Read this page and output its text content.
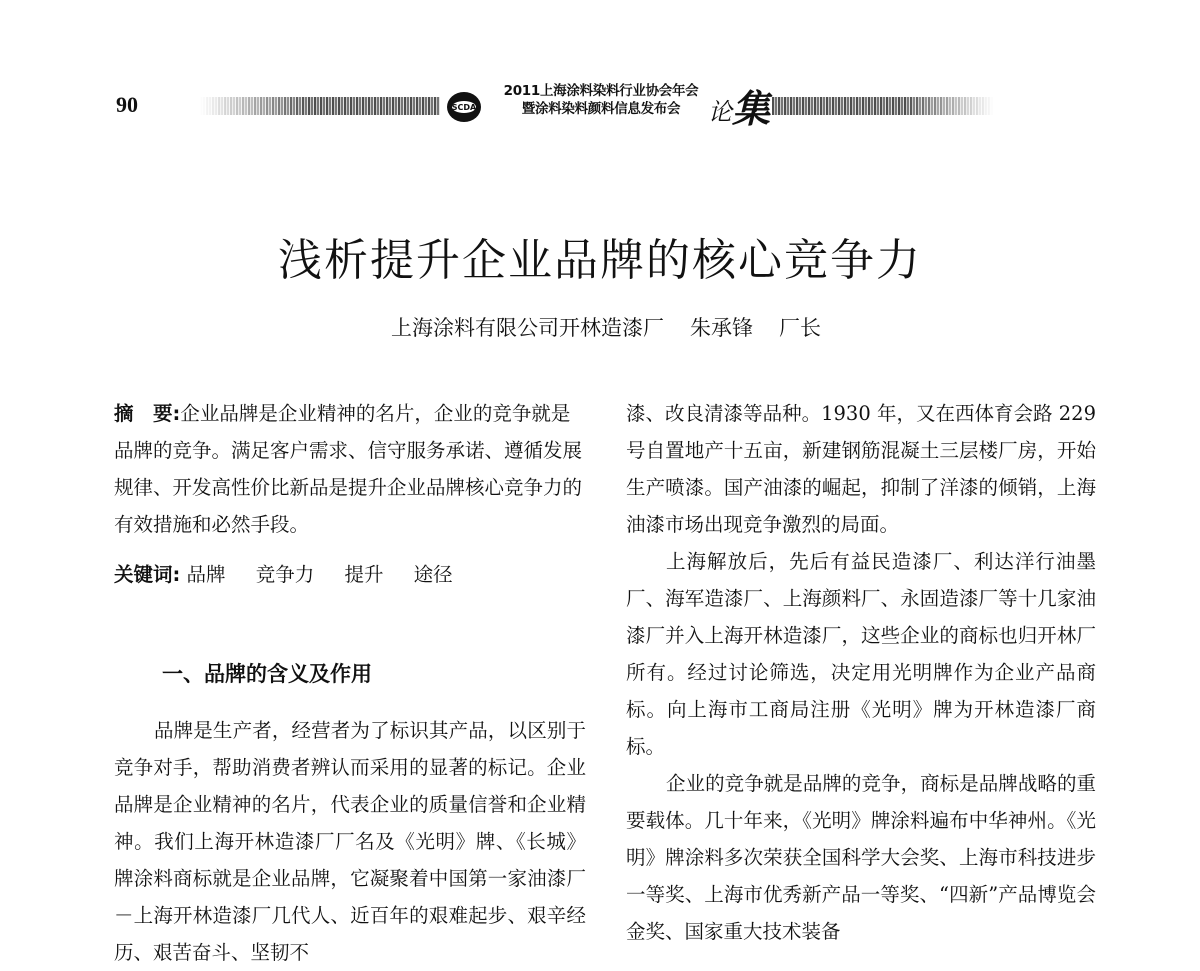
90	SCDA
2011上海涂料染料行业协会年会
暨涂料染料颜料信息发布会	论 集
浅析提升企业品牌的核心竞争力
上海涂料有限公司开林造漆厂 朱承锋 厂长
摘　要:企业品牌是企业精神的名片，企业的竞争就是品牌的竞争。满足客户需求、信守服务承诺、遵循发展规律、开发高性价比新品是提升企业品牌核心竞争力的有效措施和必然手段。
关键词: 品牌 竞争力 提升 途径
一、品牌的含义及作用

品牌是生产者，经营者为了标识其产品，以区别于竞争对手，帮助消费者辨认而采用的显著的标记。企业品牌是企业精神的名片，代表企业的质量信誉和企业精神。我们上海开林造漆厂厂名及《光明》牌、《长城》牌涂料商标就是企业品牌，它凝聚着中国第一家油漆厂－上海开林造漆厂几代人、近百年的艰难起步、艰辛经历、艰苦奋斗、坚韧不

漆、改良清漆等品种。1930 年，又在西体育会路 229 号自置地产十五亩，新建钢筋混凝土三层楼厂房，开始生产喷漆。国产油漆的崛起，抑制了洋漆的倾销，上海油漆市场出现竞争激烈的局面。

上海解放后，先后有益民造漆厂、利达洋行油墨厂、海军造漆厂、上海颜料厂、永固造漆厂等十几家油漆厂并入上海开林造漆厂，这些企业的商标也归开林厂所有。经过讨论筛选，决定用光明牌作为企业产品商标。向上海市工商局注册《光明》牌为开林造漆厂商标。

企业的竞争就是品牌的竞争，商标是品牌战略的重要载体。几十年来，《光明》牌涂料遍布中华神州。《光明》牌涂料多次荣获全国科学大会奖、上海市科技进步一等奖、上海市优秀新产品一等奖、“四新”产品博览会金奖、国家重大技术装备
